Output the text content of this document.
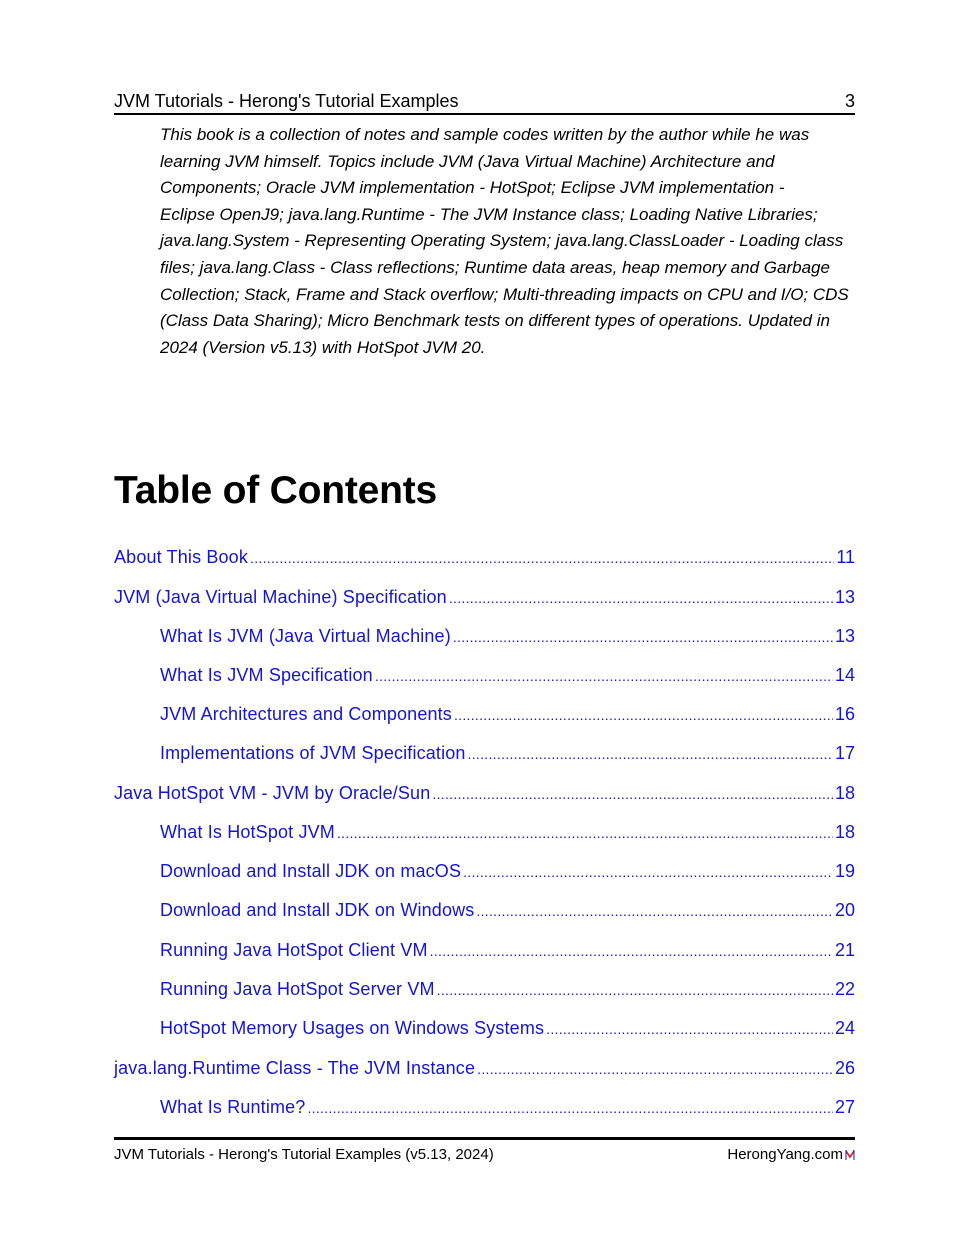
JVM Tutorials - Herong's Tutorial Examples	3

This book is a collection of notes and sample codes written by the author while he was

learning JVM himself. Topics include JVM (Java Virtual Machine) Architecture and

Components; Oracle JVM implementation - HotSpot; Eclipse JVM implementation -

Eclipse OpenJ9; java.lang.Runtime - The JVM Instance class; Loading Native Libraries;

java.lang.System - Representing Operating System; java.lang.ClassLoader - Loading class

files; java.lang.Class - Class reflections; Runtime data areas, heap memory and Garbage

Collection; Stack, Frame and Stack overflow; Multi-threading impacts on CPU and I/O; CDS

(Class Data Sharing); Micro Benchmark tests on different types of operations. Updated in

2024 (Version v5.13) with HotSpot JVM 20.

Table of Contents
About This Book .....	11
JVM (Java Virtual Machine) Specification .....	13
What Is JVM (Java Virtual Machine) .....	13
What Is JVM Specification .....	14
JVM Architectures and Components .....	16
Implementations of JVM Specification .....	17
Java HotSpot VM - JVM by Oracle/Sun .....	18
What Is HotSpot JVM .....	18
Download and Install JDK on macOS .....	19
Download and Install JDK on Windows .....	20
Running Java HotSpot Client VM .....	21
Running Java HotSpot Server VM .....	22
HotSpot Memory Usages on Windows Systems .....	24
java.lang.Runtime Class - The JVM Instance .....	26
What Is Runtime? .....	27
JVM Tutorials - Herong's Tutorial Examples (v5.13, 2024)	HerongYang.com
